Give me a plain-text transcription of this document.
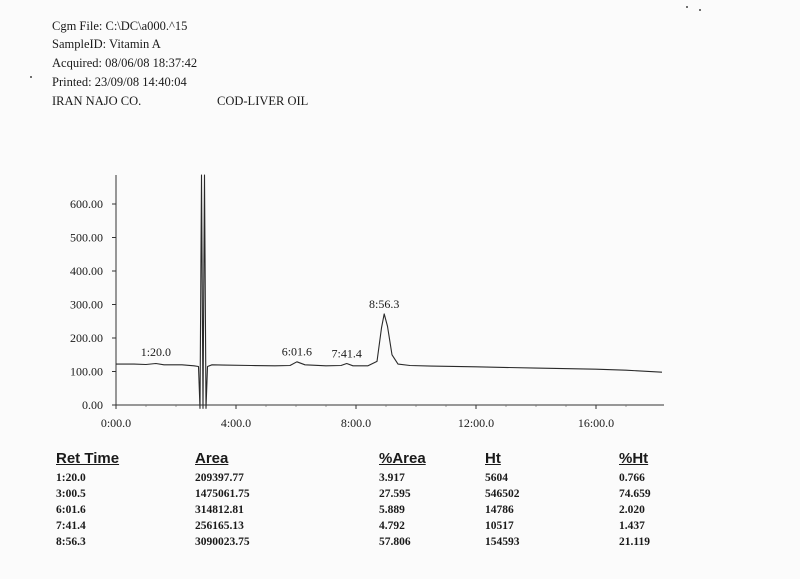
Cgm File: C:\DC\a000.^15
SampleID: Vitamin A
Acquired: 08/06/08 18:37:42
Printed: 23/09/08 14:40:04
IRAN NAJO CO.	COD-LIVER OIL
0.00
100.00
200.00
300.00
400.00
500.00
600.00
0:00.0	4:00.0	8:00.0	12:00.0	16:00.0
1:20.0	6:01.6 7:41.4
8:56.3
Ret Time	Area	%Area	Ht	%Ht
1:20.0	209397.77	3.917	5604	0.766
3:00.5	1475061.75	27.595	546502	74.659
6:01.6	314812.81	5.889	14786	2.020
7:41.4	256165.13	4.792	10517	1.437
8:56.3	3090023.75	57.806	154593	21.119
